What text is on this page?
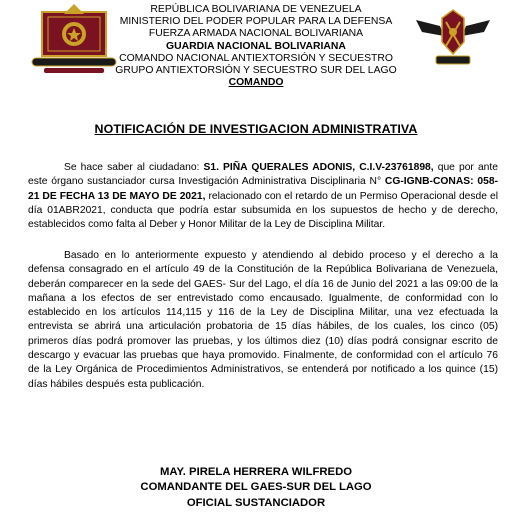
REPÚBLICA BOLIVARIANA DE VENEZUELA
MINISTERIO DEL PODER POPULAR PARA LA DEFENSA
FUERZA ARMADA NACIONAL BOLIVARIANA
GUARDIA NACIONAL BOLIVARIANA
COMANDO NACIONAL ANTIEXTORSIÓN Y SECUESTRO
GRUPO ANTIEXTORSIÓN Y SECUESTRO SUR DEL LAGO
COMANDO
NOTIFICACIÓN DE INVESTIGACION ADMINISTRATIVA
Se hace saber al ciudadano: S1. PIÑA QUERALES ADONIS, C.I.V-23761898, que por ante este órgano sustanciador cursa Investigación Administrativa Disciplinaria N° CG-IGNB-CONAS: 058-21 DE FECHA 13 DE MAYO DE 2021, relacionado con el retardo de un Permiso Operacional desde el día 01ABR2021, conducta que podría estar subsumida en los supuestos de hecho y de derecho, establecidos como falta al Deber y Honor Militar de la Ley de Disciplina Militar.
Basado en lo anteriormente expuesto y atendiendo al debido proceso y el derecho a la defensa consagrado en el artículo 49 de la Constitución de la República Bolivariana de Venezuela, deberán comparecer en la sede del GAES- Sur del Lago, el día 16 de Junio del 2021 a las 09:00 de la mañana a los efectos de ser entrevistado como encausado. Igualmente, de conformidad con lo establecido en los artículos 114,115 y 116 de la Ley de Disciplina Militar, una vez efectuada la entrevista se abrirá una articulación probatoria de 15 días hábiles, de los cuales, los cinco (05) primeros días podrá promover las pruebas, y los últimos diez (10) días podrá consignar escrito de descargo y evacuar las pruebas que haya promovido. Finalmente, de conformidad con el artículo 76 de la Ley Orgánica de Procedimientos Administrativos, se entenderá por notificado a los quince (15) días hábiles después esta publicación.
MAY. PIRELA HERRERA WILFREDO
COMANDANTE DEL GAES-SUR DEL LAGO
OFICIAL SUSTANCIADOR
